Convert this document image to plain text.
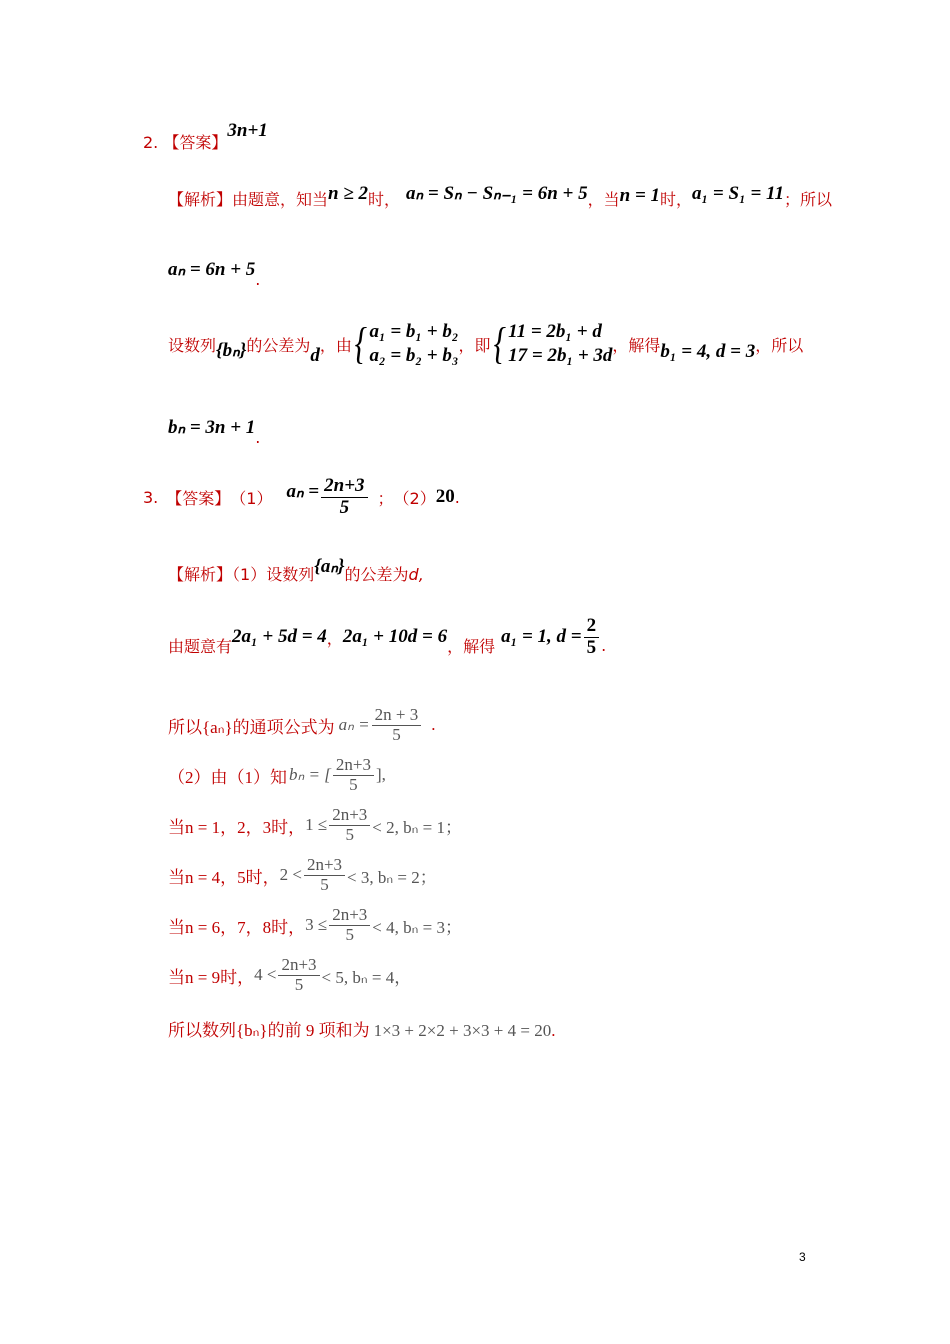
2. 【答案】3n+1
【解析】由题意，知当n ≥ 2时， aₙ = Sₙ − Sₙ₋₁ = 6n + 5，当n = 1时，a₁ = S₁ = 11；所以
aₙ = 6n + 5.
设数列 {bₙ} 的公差为 d ，由 { a₁ = b₁ + b₂
a₂ = b₂ + b₃ ，即 { 11 = 2b₁ + d
17 = 2b₁ + 3d ，解得 b₁ = 4, d = 3 ，所以
bₙ = 3n + 1.
3. 【答案】 （1） $a_n = \frac{2n+3}{5}$ ； （2） 20 .
【解析】（1）设数列{aₙ}的公差为d,
由题意有 2a₁ + 5d = 4 ， 2a₁ + 10d = 6 ，解得 a₁ = 1, $d = \frac{2}{5}$ .
所以{aₙ}的通项公式为 $a_n = \frac{2n + 3}{5}$ .
（2）由（1）知 bₙ = [ $\frac{2n+3}{5}$ ],
当n = 1，2，3时， $1 \le \frac{2n+3}{5} < 2$, bₙ = 1；
当n = 4，5时， $2 < \frac{2n+3}{5} < 3$, bₙ = 2；
当n = 6，7，8时， $3 \le \frac{2n+3}{5} < 4$, bₙ = 3；
当n = 9时， $4 < \frac{2n+3}{5} < 5$, bₙ = 4，
所以数列{bₙ}的前 9 项和为 1×3 + 2×2 + 3×3 + 4 = 20.
3
